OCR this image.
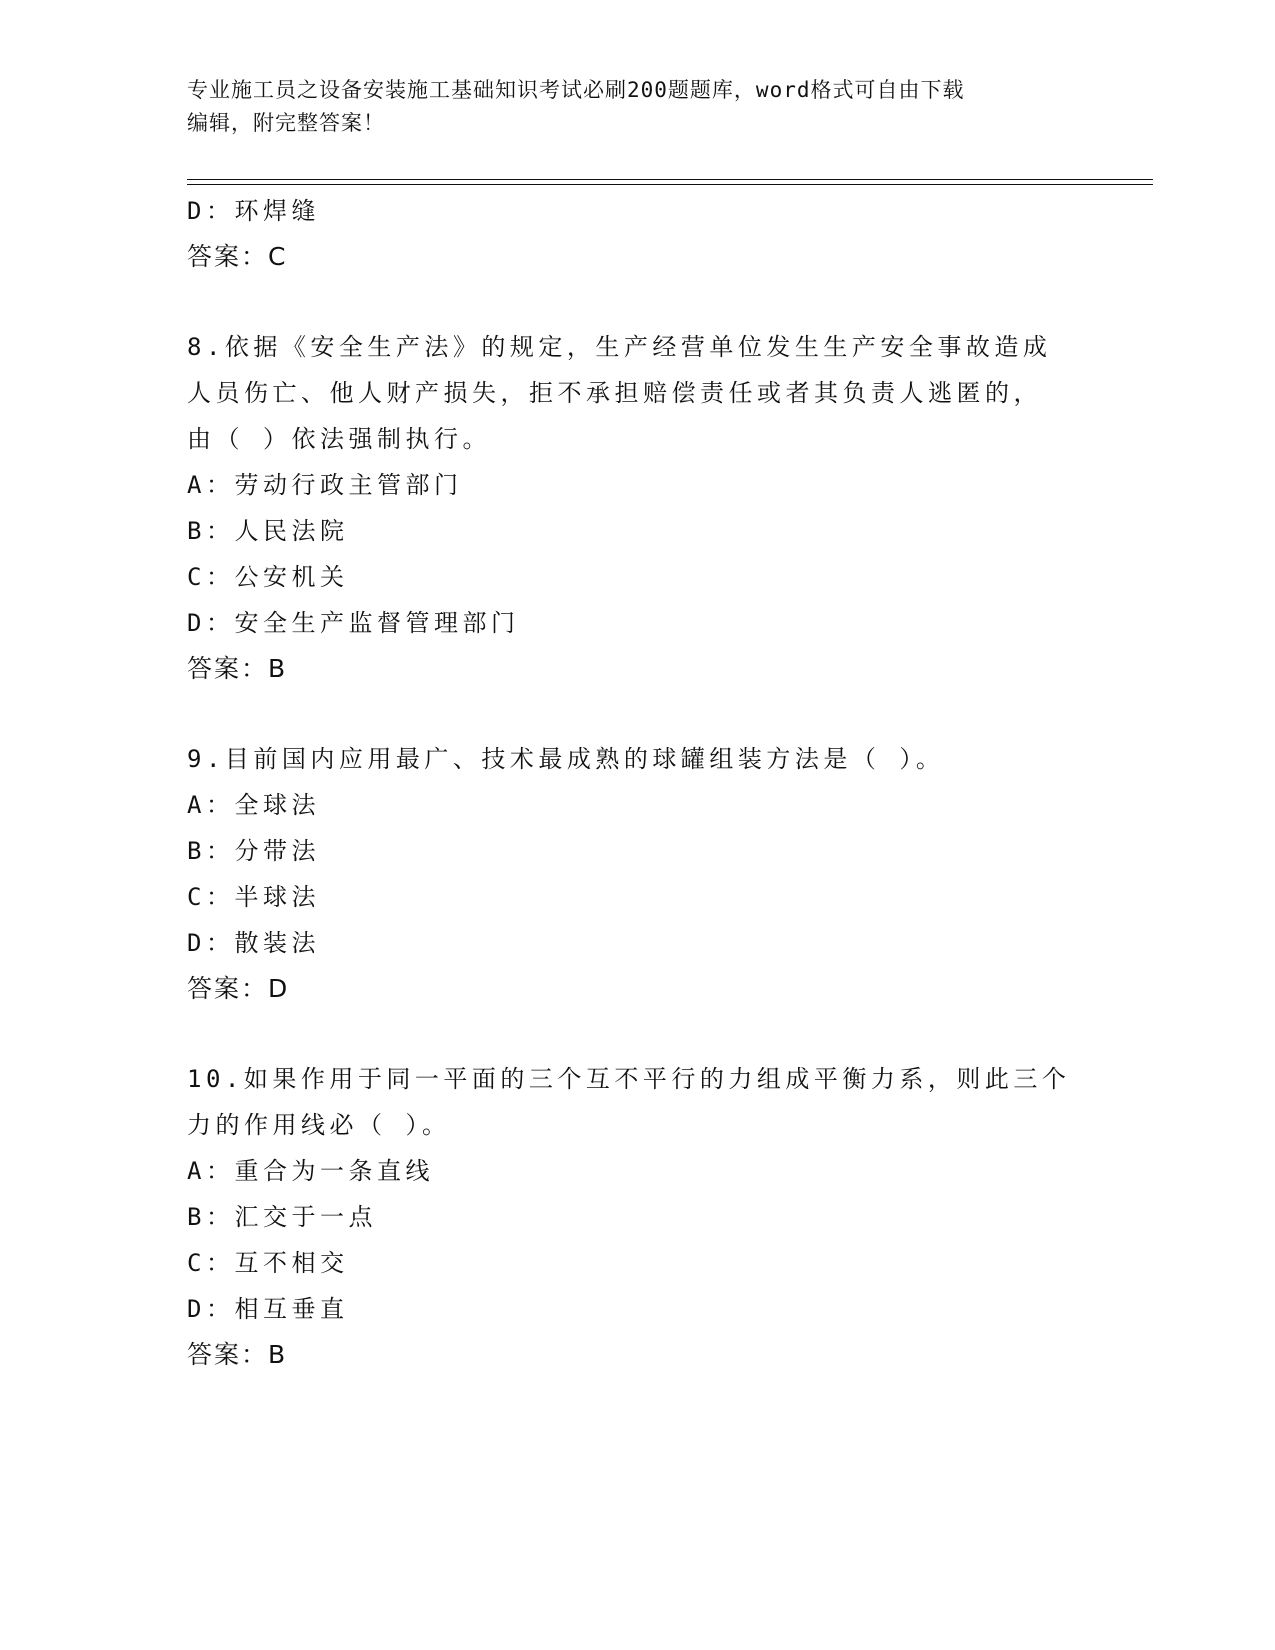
专业施工员之设备安装施工基础知识考试必刷200题题库，word格式可自由下载
编辑，附完整答案！
D：环焊缝
答案：C
8.依据《安全生产法》的规定，生产经营单位发生生产安全事故造成
人员伤亡、他人财产损失，拒不承担赔偿责任或者其负责人逃匿的，
由（ ）依法强制执行。
A：劳动行政主管部门
B：人民法院
C：公安机关
D：安全生产监督管理部门
答案：B
9.目前国内应用最广、技术最成熟的球罐组装方法是（ ）。
A：全球法
B：分带法
C：半球法
D：散装法
答案：D
10.如果作用于同一平面的三个互不平行的力组成平衡力系，则此三个
力的作用线必（ ）。
A：重合为一条直线
B：汇交于一点
C：互不相交
D：相互垂直
答案：B
